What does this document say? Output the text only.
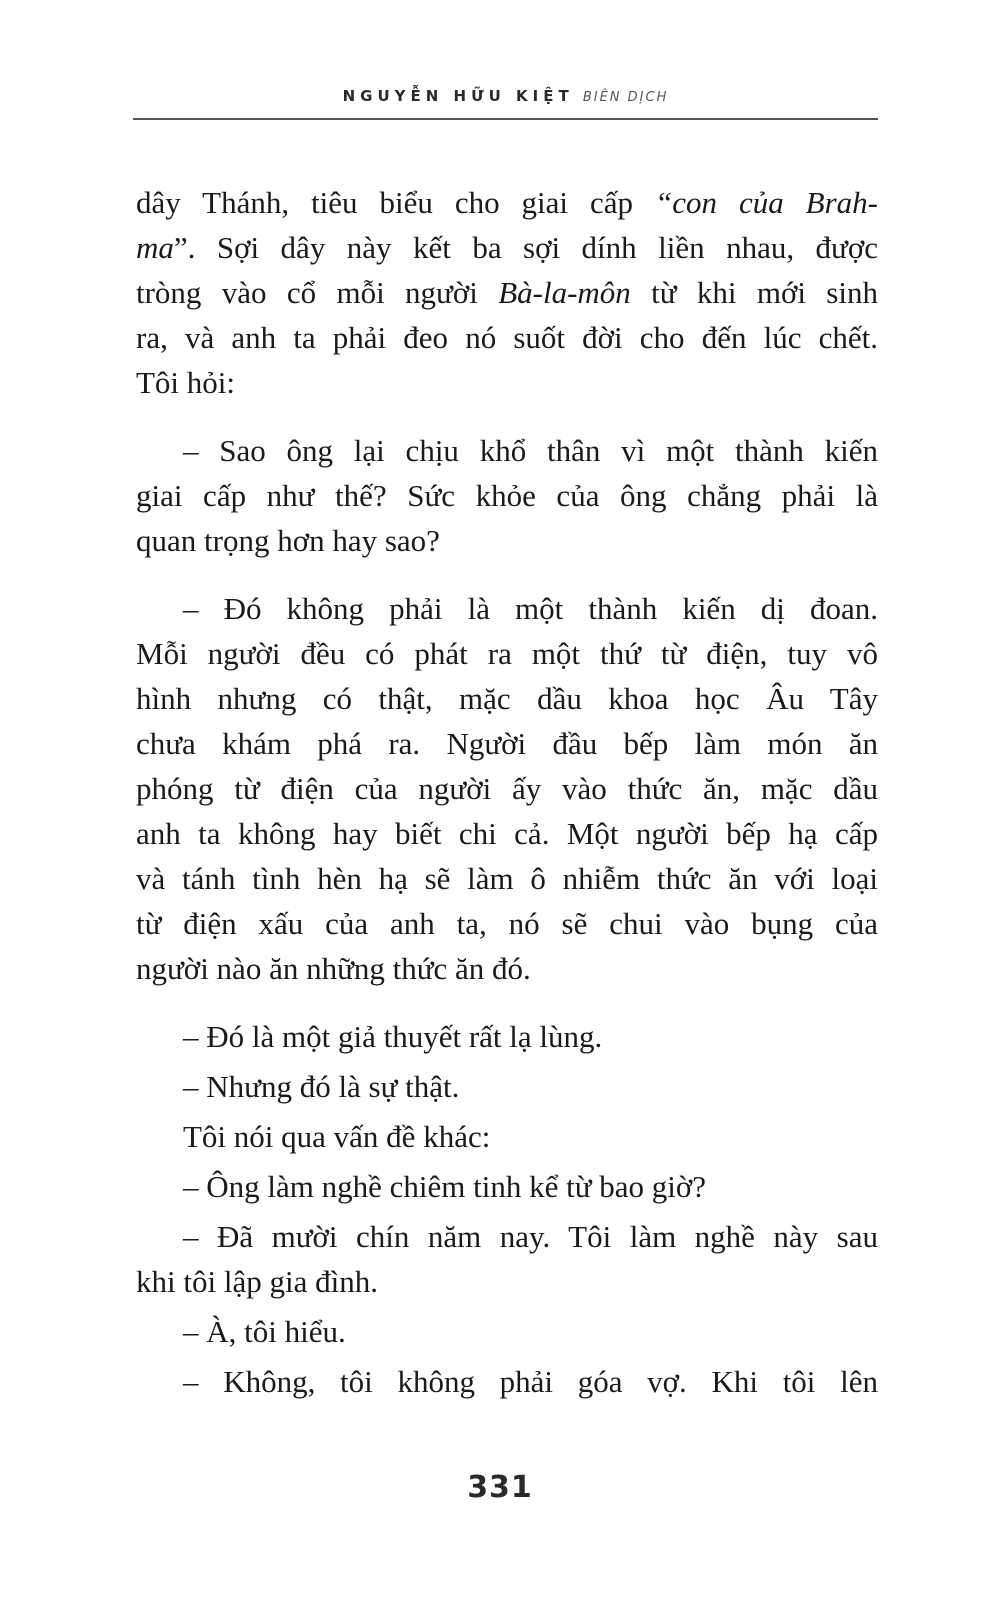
NGUYỄN HỮU KIỆT BIÊN DỊCH
dây Thánh, tiêu biểu cho giai cấp “con của Brah-
ma”. Sợi dây này kết ba sợi dính liền nhau, được
tròng vào cổ mỗi người Bà-la-môn từ khi mới sinh
ra, và anh ta phải đeo nó suốt đời cho đến lúc chết.
Tôi hỏi:
– Sao ông lại chịu khổ thân vì một thành kiến
giai cấp như thế? Sức khỏe của ông chẳng phải là
quan trọng hơn hay sao?
– Đó không phải là một thành kiến dị đoan.
Mỗi người đều có phát ra một thứ từ điện, tuy vô
hình nhưng có thật, mặc dầu khoa học Âu Tây
chưa khám phá ra. Người đầu bếp làm món ăn
phóng từ điện của người ấy vào thức ăn, mặc dầu
anh ta không hay biết chi cả. Một người bếp hạ cấp
và tánh tình hèn hạ sẽ làm ô nhiễm thức ăn với loại
từ điện xấu của anh ta, nó sẽ chui vào bụng của
người nào ăn những thức ăn đó.
– Đó là một giả thuyết rất lạ lùng.
– Nhưng đó là sự thật.
Tôi nói qua vấn đề khác:
– Ông làm nghề chiêm tinh kể từ bao giờ?
– Đã mười chín năm nay. Tôi làm nghề này sau
khi tôi lập gia đình.
– À, tôi hiểu.
– Không, tôi không phải góa vợ. Khi tôi lên
331
